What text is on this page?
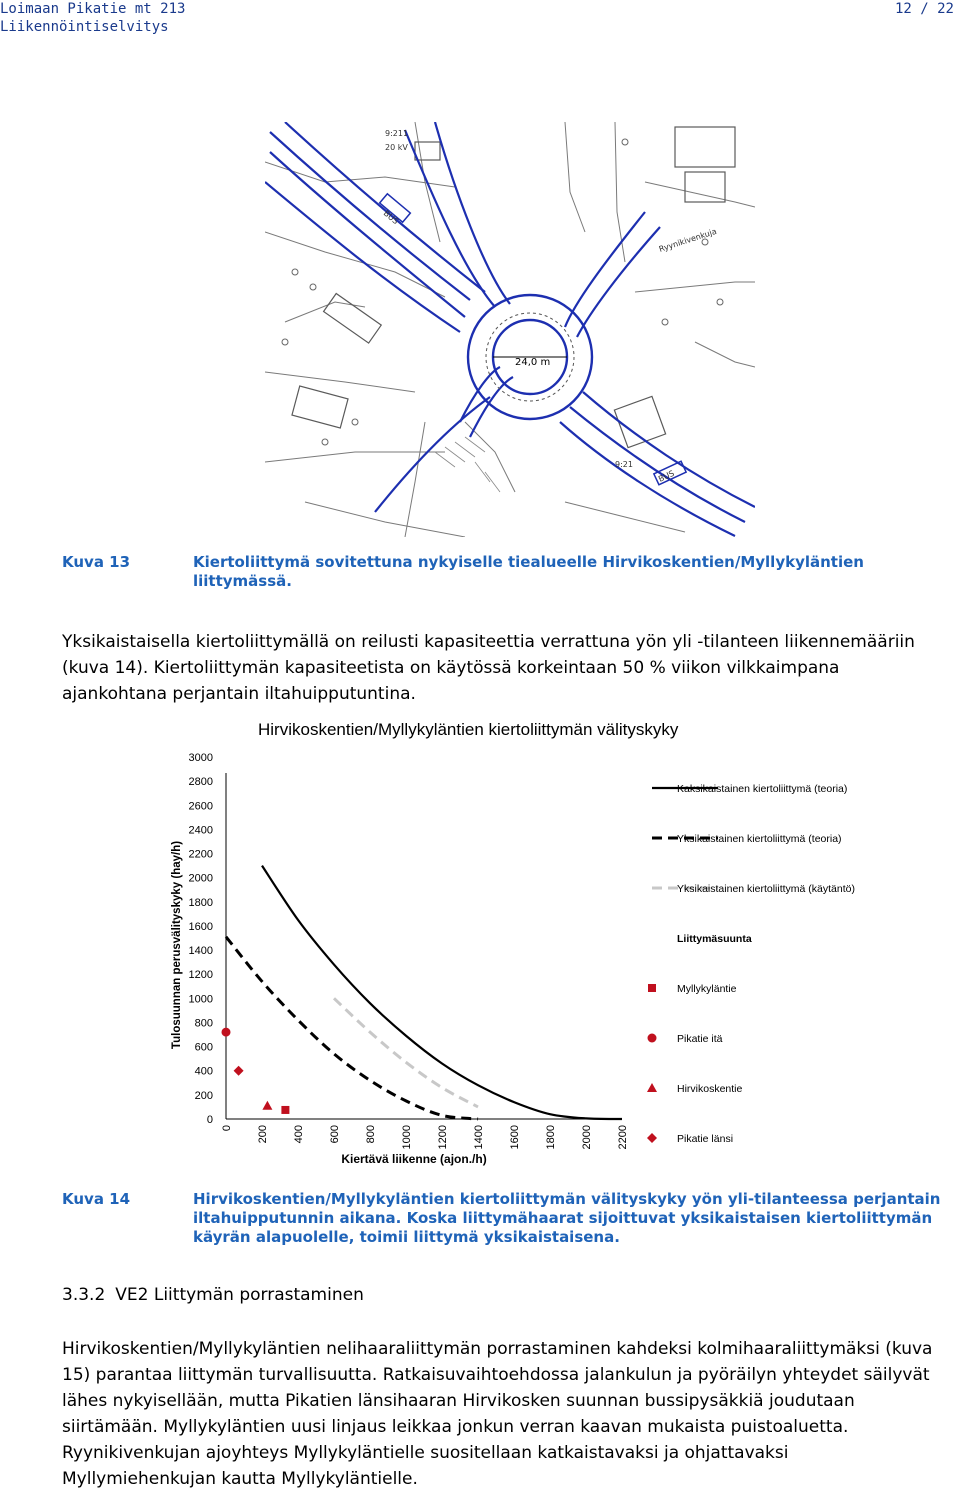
Loimaan Pikatie mt 213
Liikennöintiselvitys
12 / 22
24,0 m
9:211
20 kV
Ryynikivenkuja
9:21
BUS
BUS
Kuva 13	Kiertoliittymä sovitettuna nykyiselle tiealueelle Hirvikoskentien/Myllykyläntien liittymässä.
Yksikaistaisella kiertoliittymällä on reilusti kapasiteettia verrattuna yön yli -tilanteen liikennemääriin (kuva 14). Kiertoliittymän kapasiteetista on käytössä korkeintaan 50 % viikon vilkkaimpana ajankohtana perjantain iltahuipputuntina.
Hirvikoskentien/Myllykyläntien kiertoliittymän välityskyky
0
200
400
600
800
1000
1200
1400
1600
1800
2000
2200
2400
2600
2800
3000
0 200 400 600 800 1000 1200 1400 1600 1800 2000 2200
Tulosuunnan perusvälityskyky (hay/h)
Kiertävä liikenne (ajon./h)
Kaksikaistainen kiertoliittymä (teoria)
Yksikaistainen kiertoliittymä (teoria)
Yksikaistainen kiertoliittymä (käytäntö)
Liittymäsuunta
Myllykyläntie
Pikatie itä
Hirvikoskentie
Pikatie länsi
Kuva 14	Hirvikoskentien/Myllykyläntien kiertoliittymän välityskyky yön yli-tilanteessa perjantain iltahuipputunnin aikana. Koska liittymähaarat sijoittuvat yksikaistaisen kiertoliittymän käyrän alapuolelle, toimii liittymä yksikaistaisena.
3.3.2 VE2 Liittymän porrastaminen
Hirvikoskentien/Myllykyläntien nelihaaraliittymän porrastaminen kahdeksi kolmihaaraliittymäksi (kuva 15) parantaa liittymän turvallisuutta. Ratkaisuvaihtoehdossa jalankulun ja pyöräilyn yhteydet säilyvät lähes nykyisellään, mutta Pikatien länsihaaran Hirvikosken suunnan bussipysäkkiä joudutaan siirtämään. Myllykyläntien uusi linjaus leikkaa jonkun verran kaavan mukaista puistoaluetta. Ryynikivenkujan ajoyhteys Myllykyläntielle suositellaan katkaistavaksi ja ohjattavaksi Myllymiehenkujan kautta Myllykyläntielle.
